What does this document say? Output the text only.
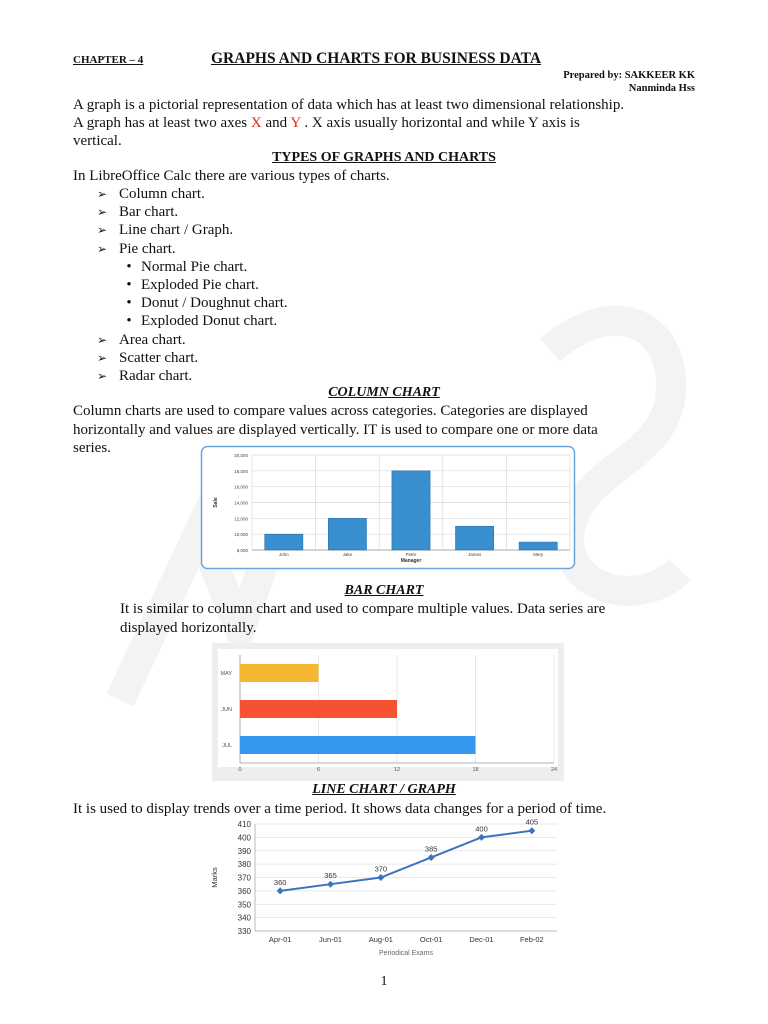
CHAPTER – 4	GRAPHS AND CHARTS FOR BUSINESS DATA
Prepared by: SAKKEER KK
Nanminda Hss
A graph is a pictorial representation of data which has at least two dimensional relationship.
A graph has at least two axes X and Y . X axis usually horizontal and while Y axis is
vertical.
TYPES OF GRAPHS AND CHARTS
In LibreOffice Calc there are various types of charts.
➢ Column chart.
➢ Bar chart.
➢ Line chart / Graph.
➢ Pie chart.
• Normal Pie chart.
• Exploded Pie chart.
• Donut / Doughnut chart.
• Exploded Donut chart.
➢ Area chart.
➢ Scatter chart.
➢ Radar chart.
COLUMN CHART
Column charts are used to compare values across categories. Categories are displayed
horizontally and values are displayed vertically. IT is used to compare one or more data
series.
8,000
10,000
12,000
14,000
16,000
18,000
20,000
John	Jake	Peter	James	Mary
Manager
Sale
BAR CHART
It is similar to column chart and used to compare multiple values. Data series are
displayed horizontally.
0	6	12	18	24
MAY
JUN
JUL
LINE CHART / GRAPH
It is used to display trends over a time period. It shows data changes for a period of time.
330
340
350
360
370
380
390
400
410
360
Apr-01
365
Jun-01
370
Aug-01
385
Oct-01
400
Dec-01
405
Feb-02
Periodical Exams
Marks
1
